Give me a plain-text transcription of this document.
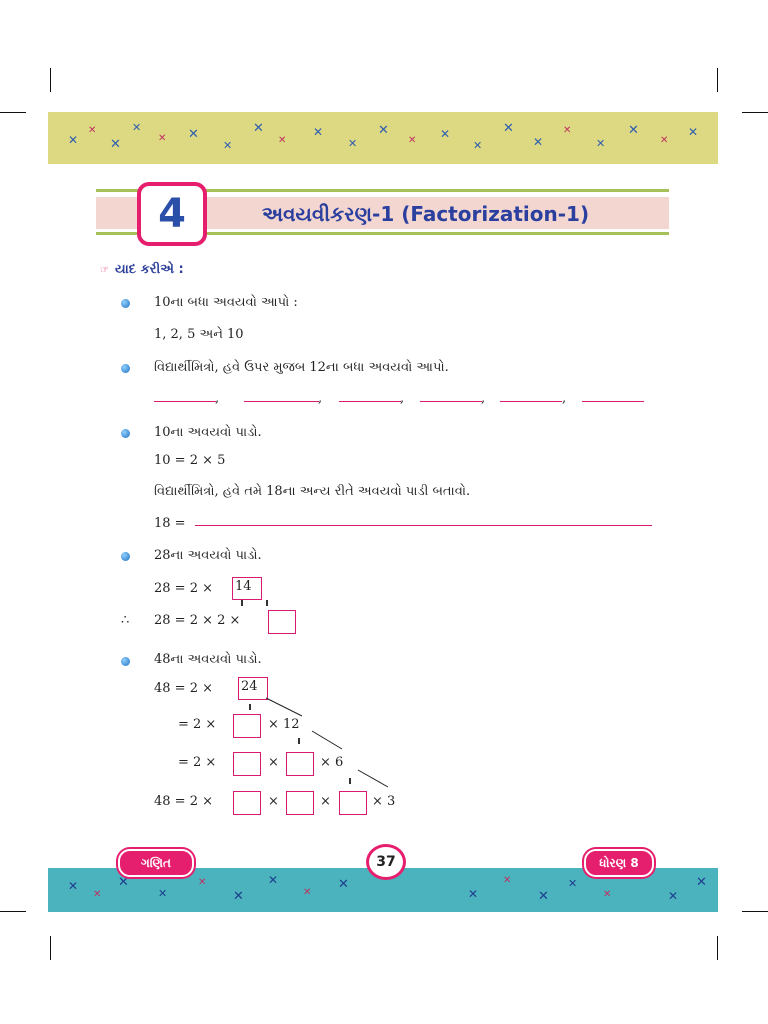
✕
✕
✕
✕
✕ ✕
✕
✕
✕
✕
✕
✕
✕ ✕
✕
✕
✕
✕
✕
✕
✕
✕
4	અવયવીકરણ-1 (Factorization-1)
☞ યાદ કરીએ :
10ના બધા અવયવો આપો :
1, 2, 5 અને 10
વિદ્યાર્થીમિત્રો, હવે ઉપર મુજબ 12ના બધા અવયવો આપો.
,	,	,	,	,
10ના અવયવો પાડો.
10 = 2 × 5
વિદ્યાર્થીમિત્રો, હવે તમે 18ના અન્ય રીતે અવયવો પાડી બતાવો.
18 =
28ના અવયવો પાડો.
28 = 2 × 14
∴ 28 = 2 × 2 ×
48ના અવયવો પાડો.
48 = 2 × 24
= 2 ×	× 12
= 2 ×	×	× 6
48 = 2 ×	×	×	× 3
✕
✕
✕
✕
✕
✕
✕
✕
✕
✕
✕
✕
✕
✕	✕
✕
ગણિત	37	ધોરણ 8
